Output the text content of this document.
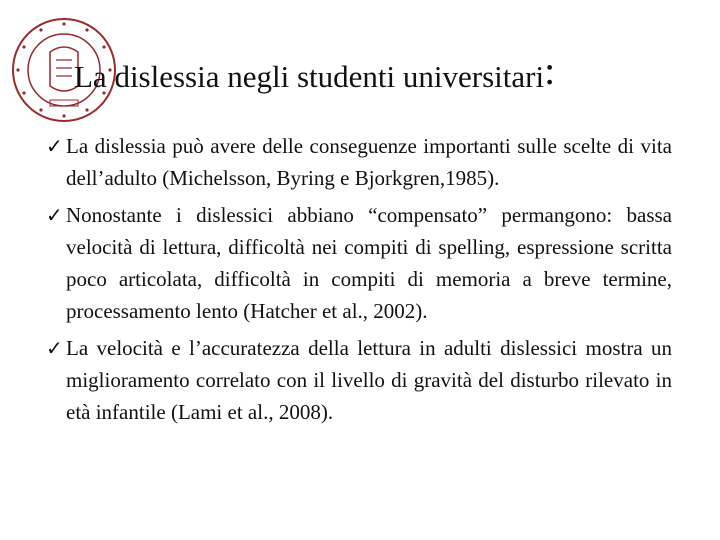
La dislessia negli studenti universitari:
✓ La dislessia può avere delle conseguenze importanti sulle scelte di vita dell’adulto (Michelsson, Byring e Bjorkgren,1985).
✓ Nonostante i dislessici abbiano “compensato” permangono: bassa velocità di lettura, difficoltà nei compiti di spelling, espressione scritta poco articolata, difficoltà in compiti di memoria a breve termine, processamento lento (Hatcher et al., 2002).
✓ La velocità e l’accuratezza della lettura in adulti dislessici mostra un miglioramento correlato con il livello di gravità del disturbo rilevato in età infantile (Lami et al., 2008).
